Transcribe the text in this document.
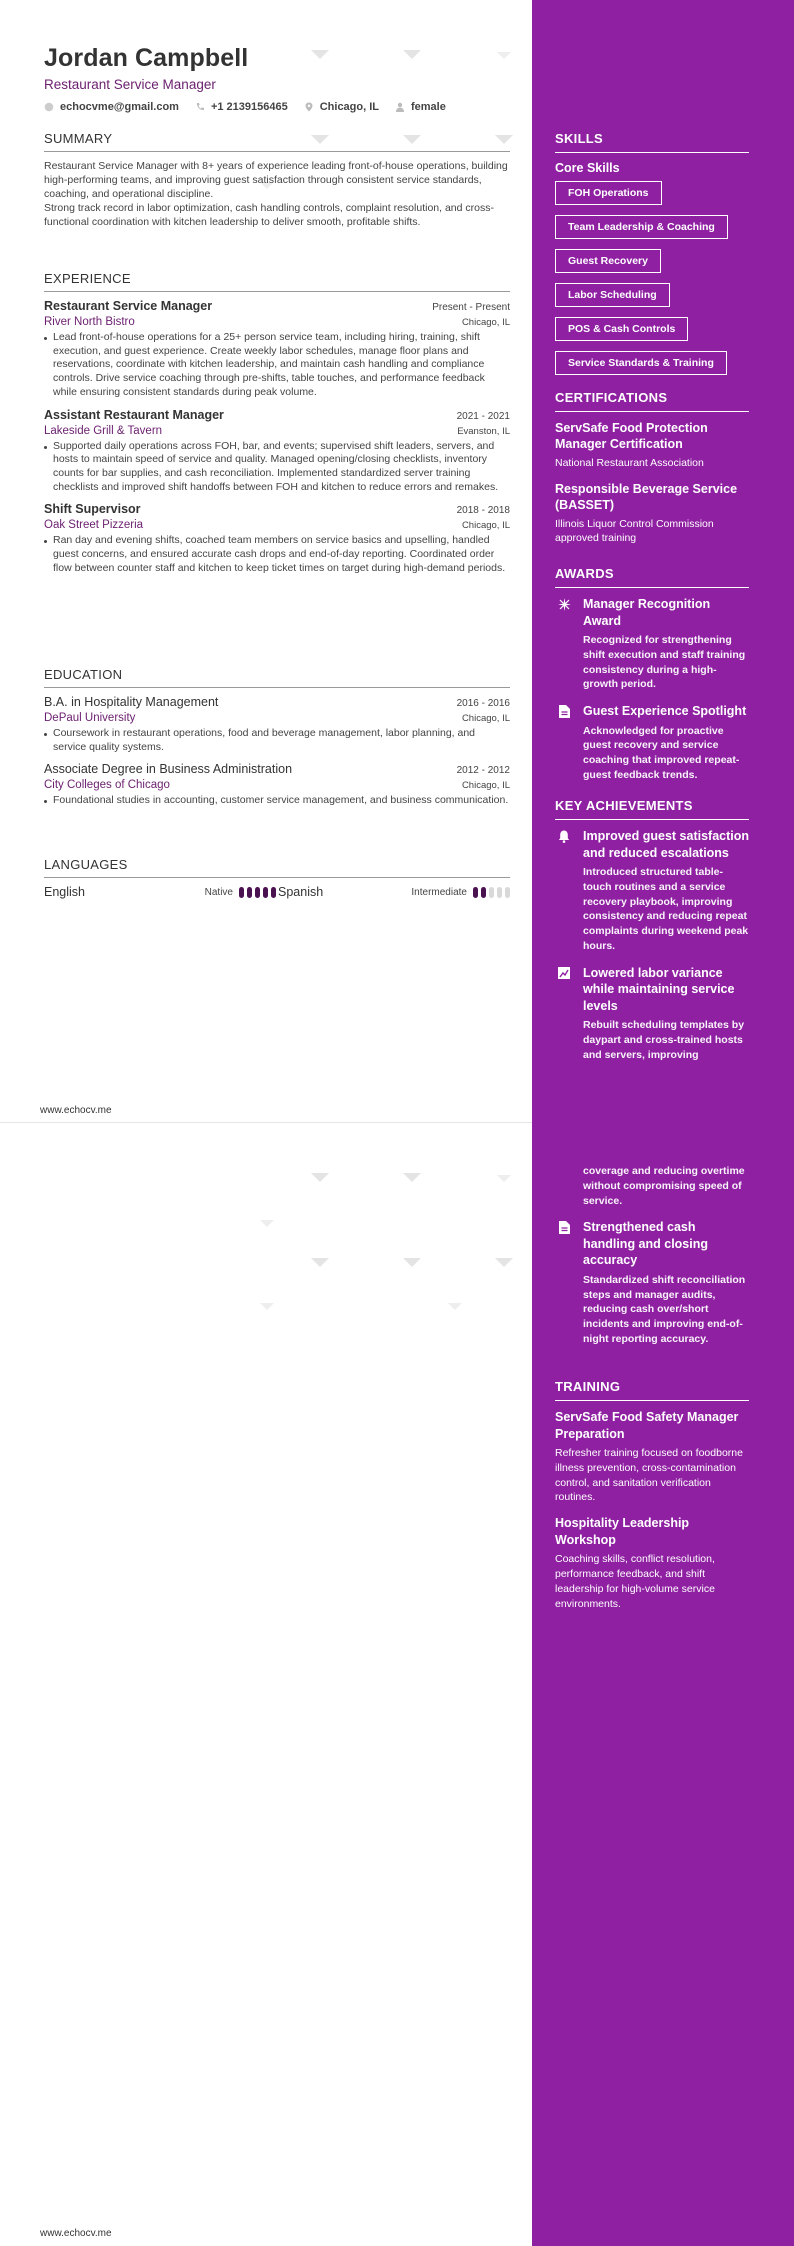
Jordan Campbell
Restaurant Service Manager
echocvme@gmail.com	+1 2139156465	Chicago, IL	female
SUMMARY

Restaurant Service Manager with 8+ years of experience leading front-of-house operations, building high-performing teams, and improving guest satisfaction through consistent service standards, coaching, and operational discipline.

Strong track record in labor optimization, cash handling controls, complaint resolution, and cross-functional coordination with kitchen leadership to deliver smooth, profitable shifts.

EXPERIENCE
Restaurant Service Manager	Present - Present
River North Bistro	Chicago, IL
Lead front-of-house operations for a 25+ person service team, including hiring, training, shift execution, and guest experience. Create weekly labor schedules, manage floor plans and reservations, coordinate with kitchen leadership, and maintain cash handling and compliance controls. Drive service coaching through pre-shifts, table touches, and performance feedback while ensuring consistent standards during peak volume.
Assistant Restaurant Manager	2021 - 2021
Lakeside Grill & Tavern	Evanston, IL
Supported daily operations across FOH, bar, and events; supervised shift leaders, servers, and hosts to maintain speed of service and quality. Managed opening/closing checklists, inventory counts for bar supplies, and cash reconciliation. Implemented standardized server training checklists and improved shift handoffs between FOH and kitchen to reduce errors and remakes.
Shift Supervisor	2018 - 2018
Oak Street Pizzeria	Chicago, IL
Ran day and evening shifts, coached team members on service basics and upselling, handled guest concerns, and ensured accurate cash drops and end-of-day reporting. Coordinated order flow between counter staff and kitchen to keep ticket times on target during high-demand periods.
EDUCATION
B.A. in Hospitality Management	2016 - 2016
DePaul University	Chicago, IL
Coursework in restaurant operations, food and beverage management, labor planning, and service quality systems.
Associate Degree in Business Administration	2012 - 2012
City Colleges of Chicago	Chicago, IL
Foundational studies in accounting, customer service management, and business communication.
LANGUAGES
English	Native	Spanish	Intermediate
www.echocv.me
www.echocv.me
SKILLS
Core Skills
FOH Operations
Team Leadership & Coaching
Guest Recovery
Labor Scheduling
POS & Cash Controls
Service Standards & Training
CERTIFICATIONS
ServSafe Food Protection Manager Certification
National Restaurant Association
Responsible Beverage Service (BASSET)
Illinois Liquor Control Commission approved training
AWARDS
Manager Recognition Award
Recognized for strengthening shift execution and staff training consistency during a high-growth period.
Guest Experience Spotlight
Acknowledged for proactive guest recovery and service coaching that improved repeat-guest feedback trends.
KEY ACHIEVEMENTS
Improved guest satisfaction and reduced escalations
Introduced structured table-touch routines and a service recovery playbook, improving consistency and reducing repeat complaints during weekend peak hours.
Lowered labor variance while maintaining service levels
Rebuilt scheduling templates by daypart and cross-trained hosts and servers, improving
coverage and reducing overtime without compromising speed of service.
Strengthened cash handling and closing accuracy
Standardized shift reconciliation steps and manager audits, reducing cash over/short incidents and improving end-of-night reporting accuracy.
TRAINING
ServSafe Food Safety Manager Preparation
Refresher training focused on foodborne illness prevention, cross-contamination control, and sanitation verification routines.
Hospitality Leadership Workshop
Coaching skills, conflict resolution, performance feedback, and shift leadership for high-volume service environments.
